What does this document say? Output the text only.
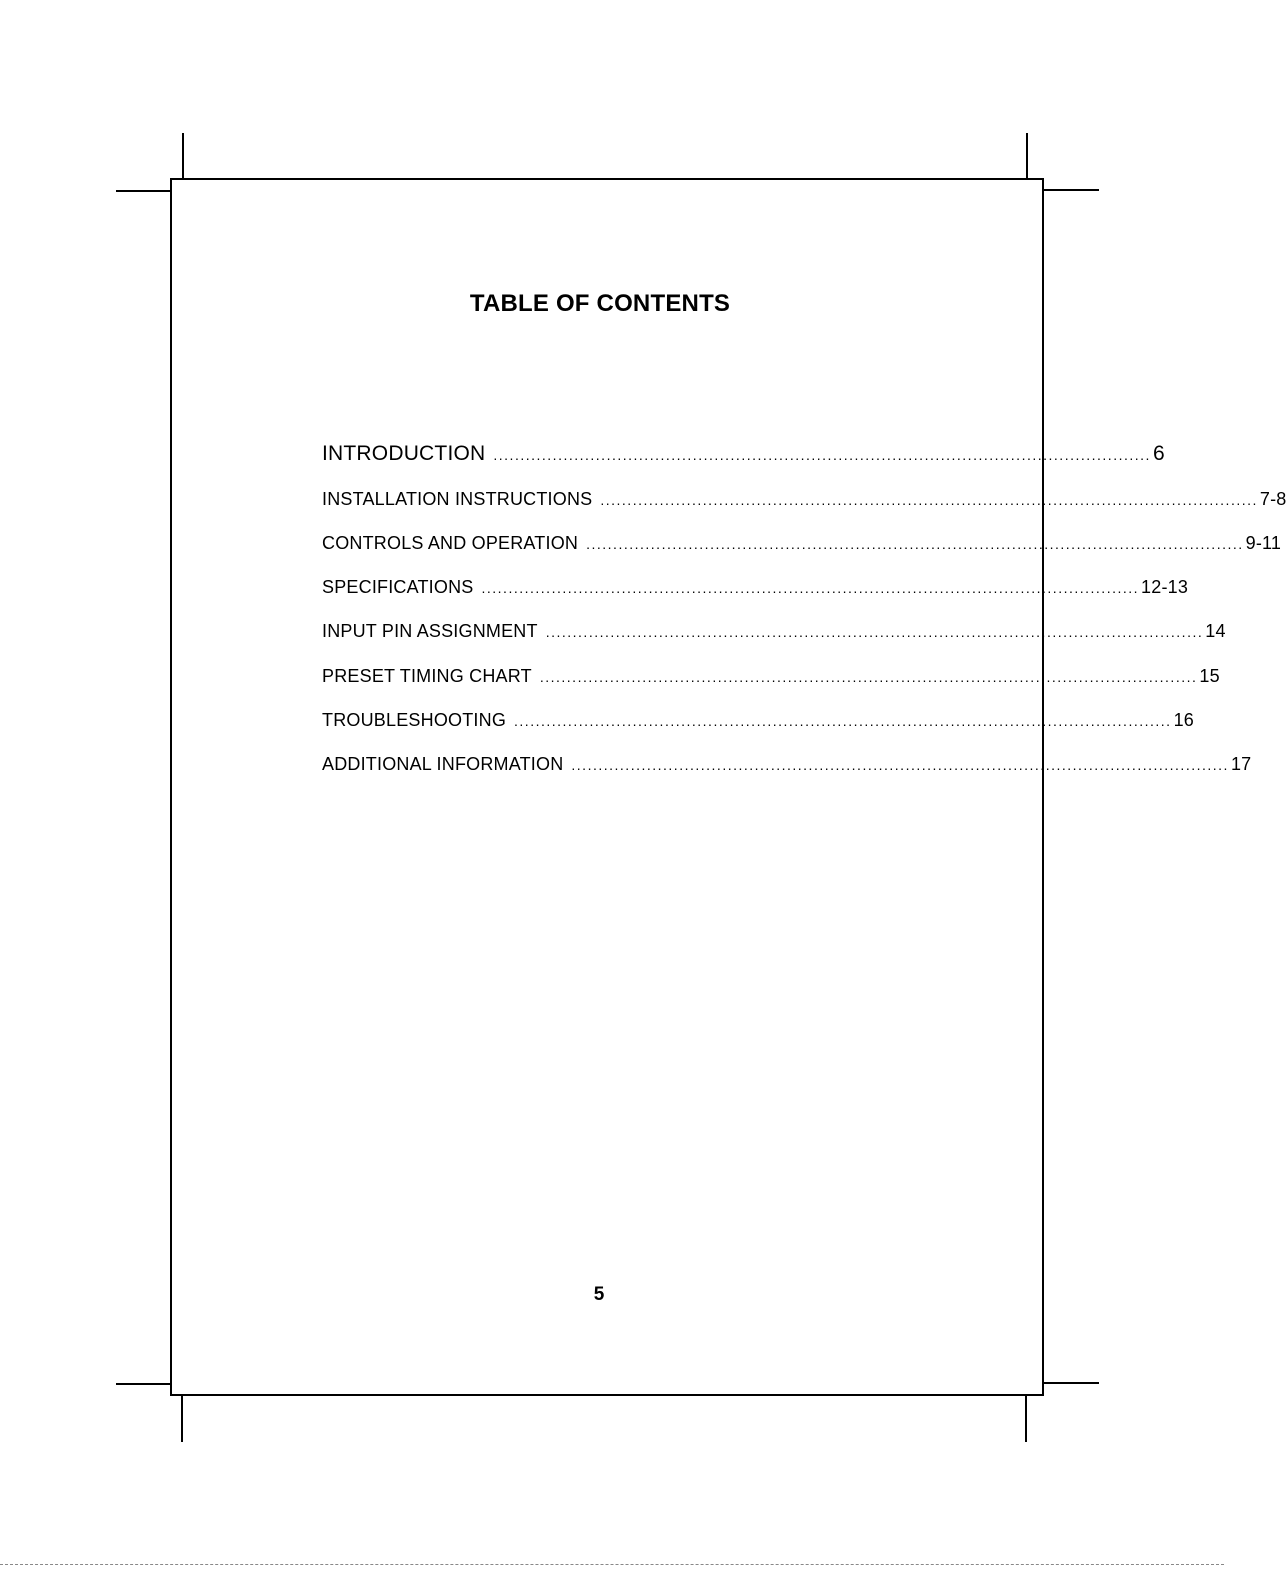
TABLE OF CONTENTS
INTRODUCTION .......................................................................................................................... 6
INSTALLATION INSTRUCTIONS .......................................................................................................................... 7-8
CONTROLS AND OPERATION .......................................................................................................................... 9-11
SPECIFICATIONS .......................................................................................................................... 12-13
INPUT PIN ASSIGNMENT .......................................................................................................................... 14
PRESET TIMING CHART .......................................................................................................................... 15
TROUBLESHOOTING .......................................................................................................................... 16
ADDITIONAL INFORMATION .......................................................................................................................... 17
5
